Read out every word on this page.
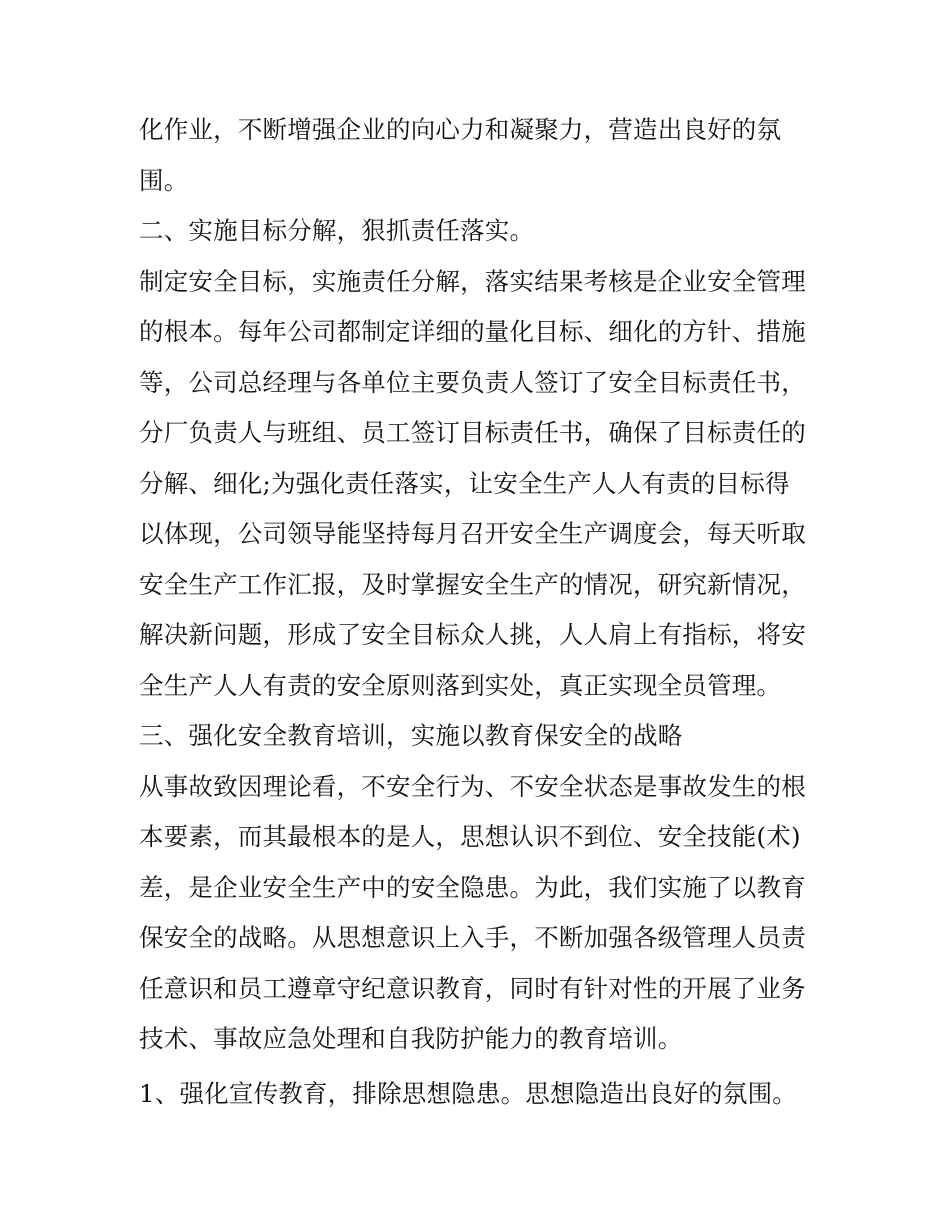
化作业，不断增强企业的向心力和凝聚力，营造出良好的氛
围。
二、实施目标分解，狠抓责任落实。
制定安全目标，实施责任分解，落实结果考核是企业安全管理
的根本。每年公司都制定详细的量化目标、细化的方针、措施
等，公司总经理与各单位主要负责人签订了安全目标责任书，
分厂负责人与班组、员工签订目标责任书，确保了目标责任的
分解、细化;为强化责任落实，让安全生产人人有责的目标得
以体现，公司领导能坚持每月召开安全生产调度会，每天听取
安全生产工作汇报，及时掌握安全生产的情况，研究新情况，
解决新问题，形成了安全目标众人挑，人人肩上有指标，将安
全生产人人有责的安全原则落到实处，真正实现全员管理。
三、强化安全教育培训，实施以教育保安全的战略
从事故致因理论看，不安全行为、不安全状态是事故发生的根
本要素，而其最根本的是人，思想认识不到位、安全技能(术)
差，是企业安全生产中的安全隐患。为此，我们实施了以教育
保安全的战略。从思想意识上入手，不断加强各级管理人员责
任意识和员工遵章守纪意识教育，同时有针对性的开展了业务
技术、事故应急处理和自我防护能力的教育培训。
1、强化宣传教育，排除思想隐患。思想隐造出良好的氛围。
